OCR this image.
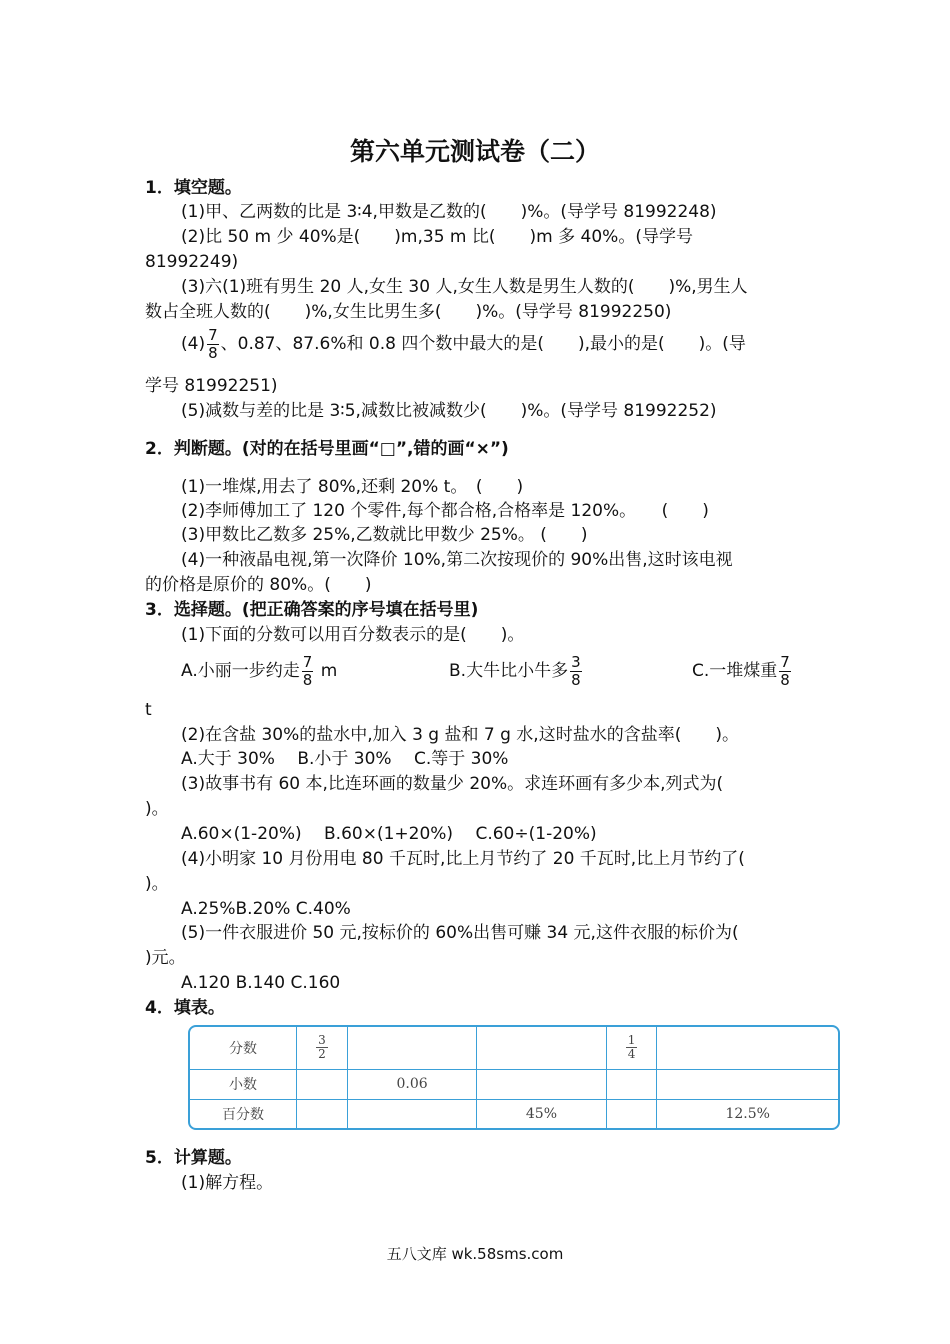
第六单元测试卷（二）
1．填空题。
(1)甲、乙两数的比是 3∶4,甲数是乙数的(　　)%。(导学号 81992248)
(2)比 50 m 少 40%是(　　)m,35 m 比(　　)m 多 40%。(导学号
81992249)
(3)六(1)班有男生 20 人,女生 30 人,女生人数是男生人数的(　　)%,男生人
数占全班人数的(　　)%,女生比男生多(　　)%。(导学号 81992250)
$(4) \frac{7}{8}$ 、0.87、87.6%和 0.8 四个数中最大的是(　　),最小的是(　　)。(导
学号 81992251)
(5)减数与差的比是 3∶5,减数比被减数少(　　)%。(导学号 81992252)
2．判断题。(对的在括号里画“□”,错的画“×”)
(1)一堆煤,用去了 80%,还剩 20% t。　(　　)
(2)李师傅加工了 120 个零件,每个都合格,合格率是 120%。　　(　　)
(3)甲数比乙数多 25%,乙数就比甲数少 25%。 (　　)
(4)一种液晶电视,第一次降价 10%,第二次按现价的 90%出售,这时该电视
的价格是原价的 80%。(　　)
3．选择题。(把正确答案的序号填在括号里)
(1)下面的分数可以用百分数表示的是(　　)。
A.小丽一步约走 $\frac{7}{8}$ m	B.大牛比小牛多 $\frac{3}{8}$	C.一堆煤重 $\frac{7}{8}$
t
(2)在含盐 30%的盐水中,加入 3 g 盐和 7 g 水,这时盐水的含盐率(　　)。
A.大于 30%　 B.小于 30%　 C.等于 30%
(3)故事书有 60 本,比连环画的数量少 20%。求连环画有多少本,列式为(
)。
A.60×(1-20%)　 B.60×(1+20%)　 C.60÷(1-20%)
(4)小明家 10 月份用电 80 千瓦时,比上月节约了 20 千瓦时,比上月节约了(
)。
A.25%B.20% C.40%
(5)一件衣服进价 50 元,按标价的 60%出售可赚 34 元,这件衣服的标价为(
)元。
A.120 B.140 C.160
4．填表。
分数	$\frac{3}{2}$			$\frac{1}{4}$

小数		0.06			
百分数			45%		12.5%
5．计算题。
(1)解方程。
五八文库 wk.58sms.com
